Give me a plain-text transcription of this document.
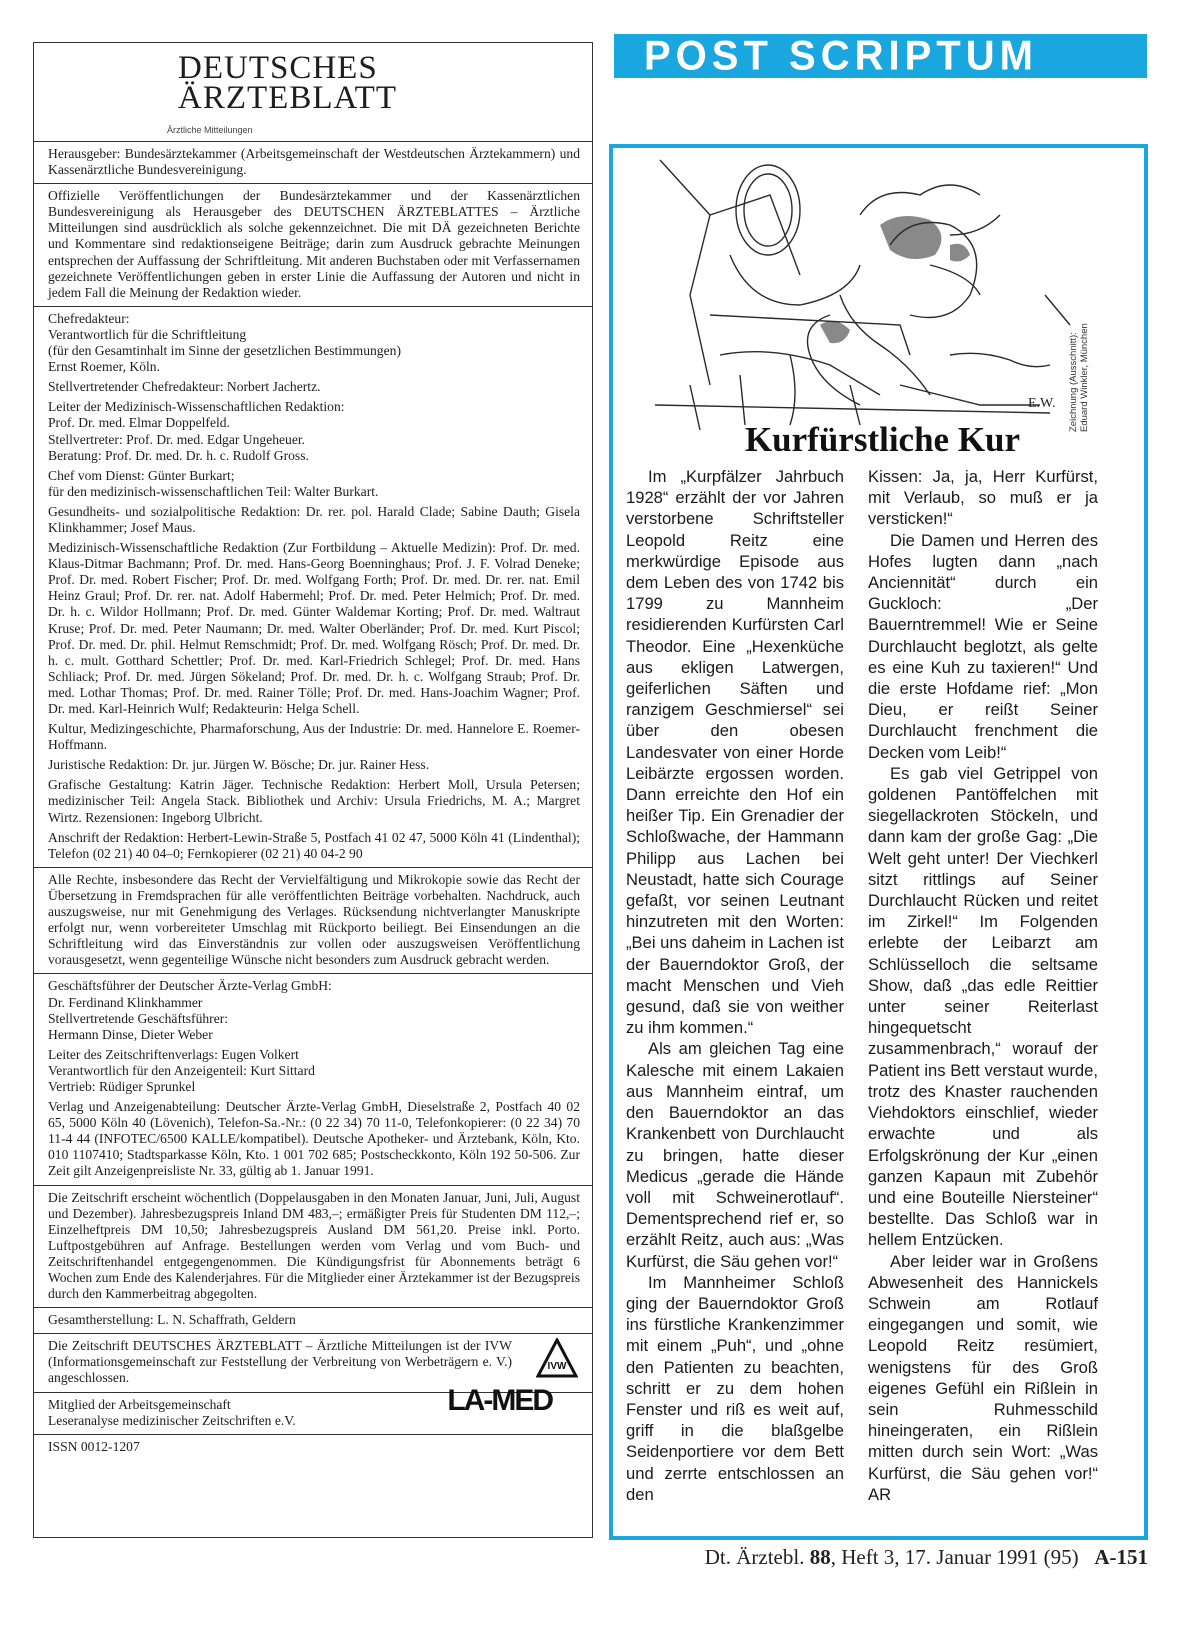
DEUTSCHES
ÄRZTEBLATT
Ärztliche Mitteilungen

Herausgeber: Bundesärztekammer (Arbeitsgemeinschaft der Westdeutschen Ärztekammern) und Kassenärztliche Bundesvereinigung.

Offizielle Veröffentlichungen der Bundesärztekammer und der Kassenärztlichen Bundesvereinigung als Herausgeber des DEUTSCHEN ÄRZTEBLATTES – Ärztliche Mitteilungen sind ausdrücklich als solche gekennzeichnet. Die mit DÄ gezeichneten Berichte und Kommentare sind redaktionseigene Beiträge; darin zum Ausdruck gebrachte Meinungen entsprechen der Auffassung der Schriftleitung. Mit anderen Buchstaben oder mit Verfassernamen gezeichnete Veröffentlichungen geben in erster Linie die Auffassung der Autoren und nicht in jedem Fall die Meinung der Redaktion wieder.

Chefredakteur:
Verantwortlich für die Schriftleitung
(für den Gesamtinhalt im Sinne der gesetzlichen Bestimmungen)
Ernst Roemer, Köln.

Stellvertretender Chefredakteur: Norbert Jachertz.

Leiter der Medizinisch-Wissenschaftlichen Redaktion:
Prof. Dr. med. Elmar Doppelfeld.
Stellvertreter: Prof. Dr. med. Edgar Ungeheuer.
Beratung: Prof. Dr. med. Dr. h. c. Rudolf Gross.

Chef vom Dienst: Günter Burkart;
für den medizinisch-wissenschaftlichen Teil: Walter Burkart.

Gesundheits- und sozialpolitische Redaktion: Dr. rer. pol. Harald Clade; Sabine Dauth; Gisela Klinkhammer; Josef Maus.

Medizinisch-Wissenschaftliche Redaktion (Zur Fortbildung – Aktuelle Medizin): Prof. Dr. med. Klaus-Ditmar Bachmann; Prof. Dr. med. Hans-Georg Boenninghaus; Prof. J. F. Volrad Deneke; Prof. Dr. med. Robert Fischer; Prof. Dr. med. Wolfgang Forth; Prof. Dr. med. Dr. rer. nat. Emil Heinz Graul; Prof. Dr. rer. nat. Adolf Habermehl; Prof. Dr. med. Peter Helmich; Prof. Dr. med. Dr. h. c. Wildor Hollmann; Prof. Dr. med. Günter Waldemar Korting; Prof. Dr. med. Waltraut Kruse; Prof. Dr. med. Peter Naumann; Dr. med. Walter Oberländer; Prof. Dr. med. Kurt Piscol; Prof. Dr. med. Dr. phil. Helmut Remschmidt; Prof. Dr. med. Wolfgang Rösch; Prof. Dr. med. Dr. h. c. mult. Gotthard Schettler; Prof. Dr. med. Karl-Friedrich Schlegel; Prof. Dr. med. Hans Schliack; Prof. Dr. med. Jürgen Sökeland; Prof. Dr. med. Dr. h. c. Wolfgang Straub; Prof. Dr. med. Lothar Thomas; Prof. Dr. med. Rainer Tölle; Prof. Dr. med. Hans-Joachim Wagner; Prof. Dr. med. Karl-Heinrich Wulf; Redakteurin: Helga Schell.

Kultur, Medizingeschichte, Pharmaforschung, Aus der Industrie: Dr. med. Hannelore E. Roemer-Hoffmann.

Juristische Redaktion: Dr. jur. Jürgen W. Bösche; Dr. jur. Rainer Hess.

Grafische Gestaltung: Katrin Jäger. Technische Redaktion: Herbert Moll, Ursula Petersen; medizinischer Teil: Angela Stack. Bibliothek und Archiv: Ursula Friedrichs, M. A.; Margret Wirtz. Rezensionen: Ingeborg Ulbricht.

Anschrift der Redaktion: Herbert-Lewin-Straße 5, Postfach 41 02 47, 5000 Köln 41 (Lindenthal); Telefon (02 21) 40 04–0; Fernkopierer (02 21) 40 04-2 90

Alle Rechte, insbesondere das Recht der Vervielfältigung und Mikrokopie sowie das Recht der Übersetzung in Fremdsprachen für alle veröffentlichten Beiträge vorbehalten. Nachdruck, auch auszugsweise, nur mit Genehmigung des Verlages. Rücksendung nichtverlangter Manuskripte erfolgt nur, wenn vorbereiteter Umschlag mit Rückporto beiliegt. Bei Einsendungen an die Schriftleitung wird das Einverständnis zur vollen oder auszugsweisen Veröffentlichung vorausgesetzt, wenn gegenteilige Wünsche nicht besonders zum Ausdruck gebracht werden.

Geschäftsführer der Deutscher Ärzte-Verlag GmbH:
Dr. Ferdinand Klinkhammer
Stellvertretende Geschäftsführer:
Hermann Dinse, Dieter Weber

Leiter des Zeitschriftenverlags: Eugen Volkert
Verantwortlich für den Anzeigenteil: Kurt Sittard
Vertrieb: Rüdiger Sprunkel

Verlag und Anzeigenabteilung: Deutscher Ärzte-Verlag GmbH, Dieselstraße 2, Postfach 40 02 65, 5000 Köln 40 (Lövenich), Telefon-Sa.-Nr.: (0 22 34) 70 11-0, Telefonkopierer: (0 22 34) 70 11-4 44 (INFOTEC/6500 KALLE/kompatibel). Deutsche Apotheker- und Ärztebank, Köln, Kto. 010 1107410; Stadtsparkasse Köln, Kto. 1 001 702 685; Postscheckkonto, Köln 192 50-506. Zur Zeit gilt Anzeigenpreisliste Nr. 33, gültig ab 1. Januar 1991.

Die Zeitschrift erscheint wöchentlich (Doppelausgaben in den Monaten Januar, Juni, Juli, August und Dezember). Jahresbezugspreis Inland DM 483,–; ermäßigter Preis für Studenten DM 112,–; Einzelheftpreis DM 10,50; Jahresbezugspreis Ausland DM 561,20. Preise inkl. Porto. Luftpostgebühren auf Anfrage. Bestellungen werden vom Verlag und vom Buch- und Zeitschriftenhandel entgegengenommen. Die Kündigungsfrist für Abonnements beträgt 6 Wochen zum Ende des Kalenderjahres. Für die Mitglieder einer Ärztekammer ist der Bezugspreis durch den Kammerbeitrag abgegolten.

Gesamtherstellung: L. N. Schaffrath, Geldern

Die Zeitschrift DEUTSCHES ÄRZTEBLATT – Ärztliche Mitteilungen ist der IVW (Informationsgemeinschaft zur Feststellung der Verbreitung von Werbeträgern e. V.) angeschlossen.

IVW

Mitglied der Arbeitsgemeinschaft
Leseranalyse medizinischer Zeitschriften e.V.

LA-MED

ISSN 0012-1207

POST SCRIPTUM
E.W. Zeichnung (Ausschnitt): Eduard Winkler, München
Kurfürstliche Kur

Im „Kurpfälzer Jahrbuch 1928“ erzählt der vor Jahren verstorbene Schriftsteller Leopold Reitz eine merkwürdige Episode aus dem Leben des von 1742 bis 1799 zu Mannheim residierenden Kurfürsten Carl Theodor. Eine „Hexenküche aus ekligen Latwergen, geiferlichen Säften und ranzigem Geschmiersel“ sei über den obesen Landesvater von einer Horde Leibärzte ergossen worden. Dann erreichte den Hof ein heißer Tip. Ein Grenadier der Schloßwache, der Hammann Philipp aus Lachen bei Neustadt, hatte sich Courage gefaßt, vor seinen Leutnant hinzutreten mit den Worten: „Bei uns daheim in Lachen ist der Bauerndoktor Groß, der macht Menschen und Vieh gesund, daß sie von weither zu ihm kommen.“

Als am gleichen Tag eine Kalesche mit einem Lakaien aus Mannheim eintraf, um den Bauerndoktor an das Krankenbett von Durchlaucht zu bringen, hatte dieser Medicus „gerade die Hände voll mit Schweinerotlauf“. Dementsprechend rief er, so erzählt Reitz, auch aus: „Was Kurfürst, die Säu gehen vor!“

Im Mannheimer Schloß ging der Bauerndoktor Groß ins fürstliche Krankenzimmer mit einem „Puh“, und „ohne den Patienten zu beachten, schritt er zu dem hohen Fenster und riß es weit auf, griff in die blaßgelbe Seidenportiere vor dem Bett und zerrte entschlossen an den

Kissen: Ja, ja, Herr Kurfürst, mit Verlaub, so muß er ja versticken!“

Die Damen und Herren des Hofes lugten dann „nach Anciennität“ durch ein Guckloch: „Der Bauerntremmel! Wie er Seine Durchlaucht beglotzt, als gelte es eine Kuh zu taxieren!“ Und die erste Hofdame rief: „Mon Dieu, er reißt Seiner Durchlaucht frenchment die Decken vom Leib!“

Es gab viel Getrippel von goldenen Pantöffelchen mit siegellackroten Stöckeln, und dann kam der große Gag: „Die Welt geht unter! Der Viechkerl sitzt rittlings auf Seiner Durchlaucht Rücken und reitet im Zirkel!“ Im Folgenden erlebte der Leibarzt am Schlüsselloch die seltsame Show, daß „das edle Reittier unter seiner Reiterlast hingequetscht zusammenbrach,“ worauf der Patient ins Bett verstaut wurde, trotz des Knaster rauchenden Viehdoktors einschlief, wieder erwachte und als Erfolgskrönung der Kur „einen ganzen Kapaun mit Zubehör und eine Bouteille Niersteiner“ bestellte. Das Schloß war in hellem Entzücken.

Aber leider war in Großens Abwesenheit des Hannickels Schwein am Rotlauf eingegangen und somit, wie Leopold Reitz resümiert, wenigstens für des Groß eigenes Gefühl ein Rißlein in sein Ruhmesschild hineingeraten, ein Rißlein mitten durch sein Wort: „Was Kurfürst, die Säu gehen vor!“ AR

Dt. Ärztebl. 88, Heft 3, 17. Januar 1991 (95) A-151
